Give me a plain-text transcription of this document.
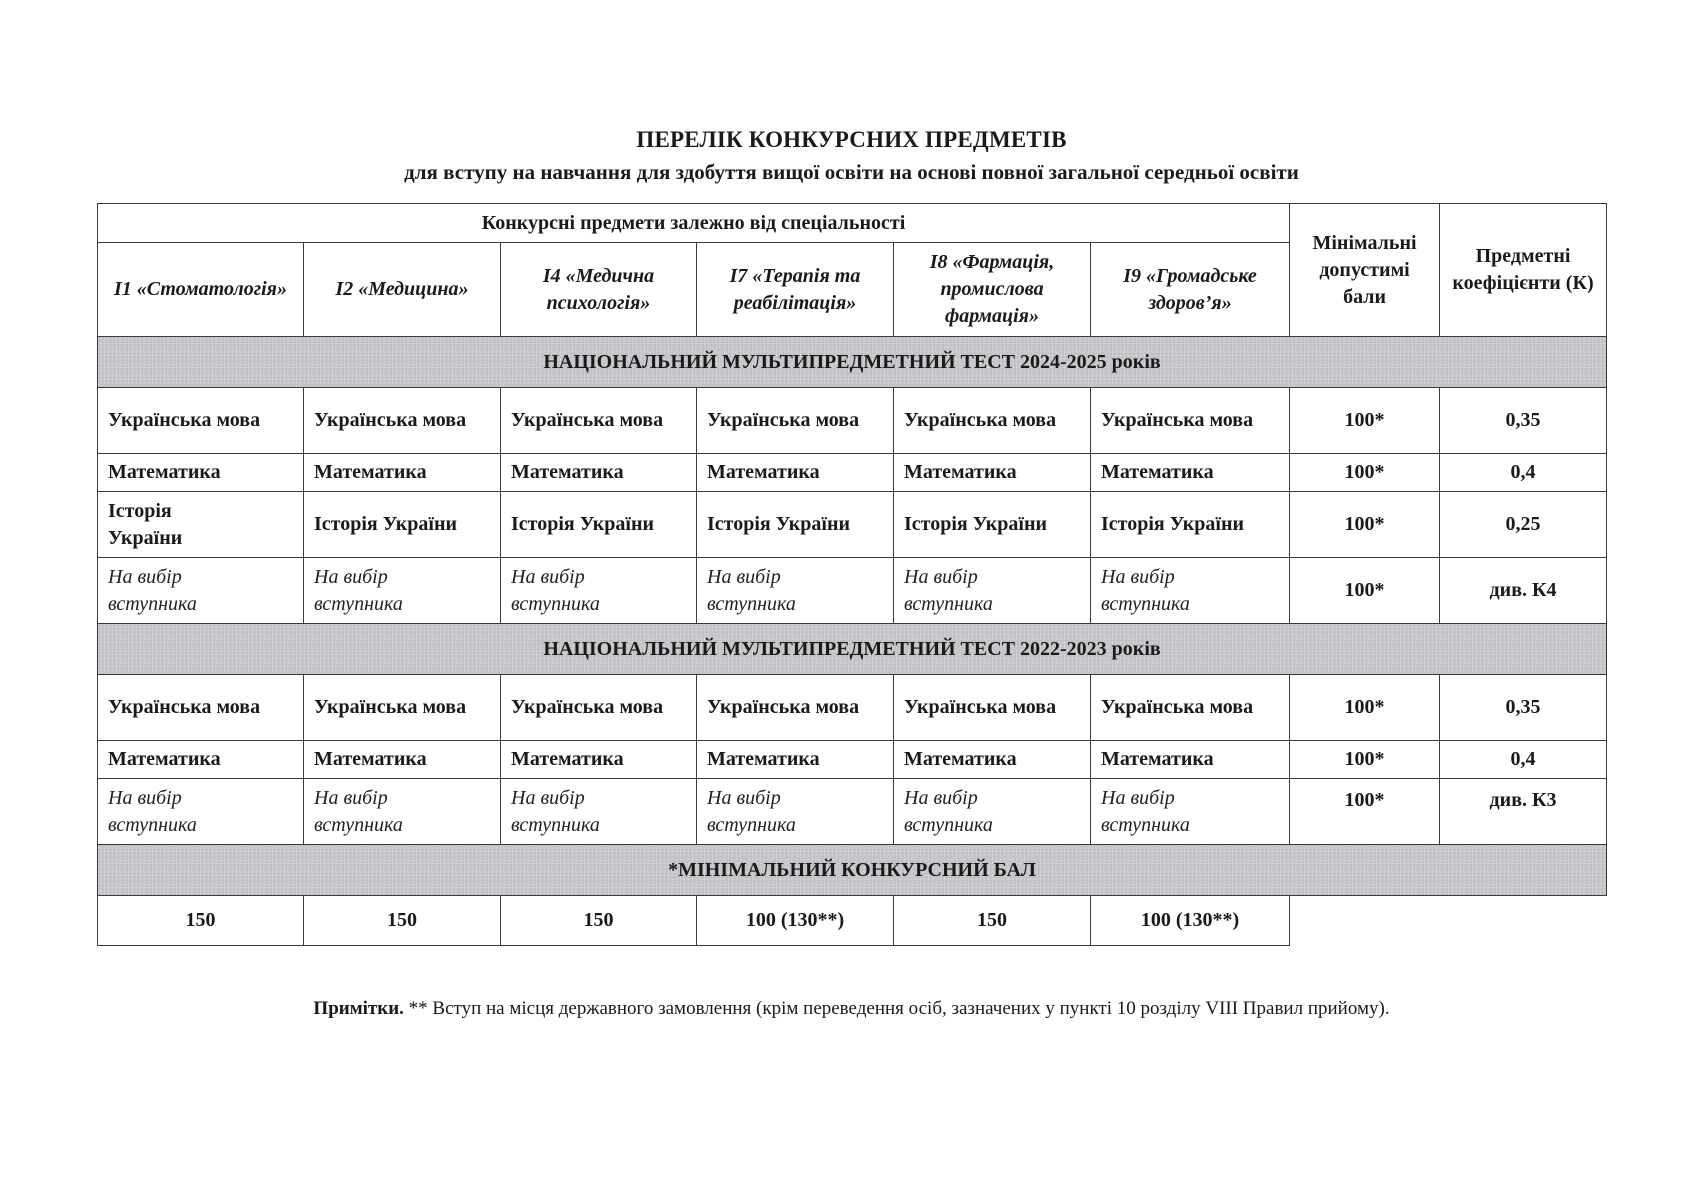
ПЕРЕЛІК КОНКУРСНИХ ПРЕДМЕТІВ
для вступу на навчання для здобуття вищої освіти на основі повної загальної середньої освіти
Конкурсні предмети залежно від спеціальності						Мінімальні допустимі бали	Предметні коефіцієнти (К)
I1 «Стоматологія»	I2 «Медицина»	I4 «Медична психологія»	I7 «Терапія та реабілітація»	I8 «Фармація, промислова фармація»	I9 «Громадське здоров’я»		
НАЦІОНАЛЬНИЙ МУЛЬТИПРЕДМЕТНИЙ ТЕСТ 2024-2025 років							
Українська мова	Українська мова	Українська мова	Українська мова	Українська мова	Українська мова	100*	0,35
Математика	Математика	Математика	Математика	Математика	Математика	100*	0,4
Історія України	Історія України	Історія України	Історія України	Історія України	Історія України	100*	0,25
На вибір вступника	На вибір вступника	На вибір вступника	На вибір вступника	На вибір вступника	На вибір вступника	100*	див. К4
НАЦІОНАЛЬНИЙ МУЛЬТИПРЕДМЕТНИЙ ТЕСТ 2022-2023 років							
Українська мова	Українська мова	Українська мова	Українська мова	Українська мова	Українська мова	100*	0,35
Математика	Математика	Математика	Математика	Математика	Математика	100*	0,4
На вибір вступника	На вибір вступника	На вибір вступника	На вибір вступника	На вибір вступника	На вибір вступника	100*	див. К3
*МІНІМАЛЬНИЙ КОНКУРСНИЙ БАЛ							
150	150	150	100 (130**)	150	100 (130**)		
Примітки. ** Вступ на місця державного замовлення (крім переведення осіб, зазначених у пункті 10 розділу VIII Правил прийому).
